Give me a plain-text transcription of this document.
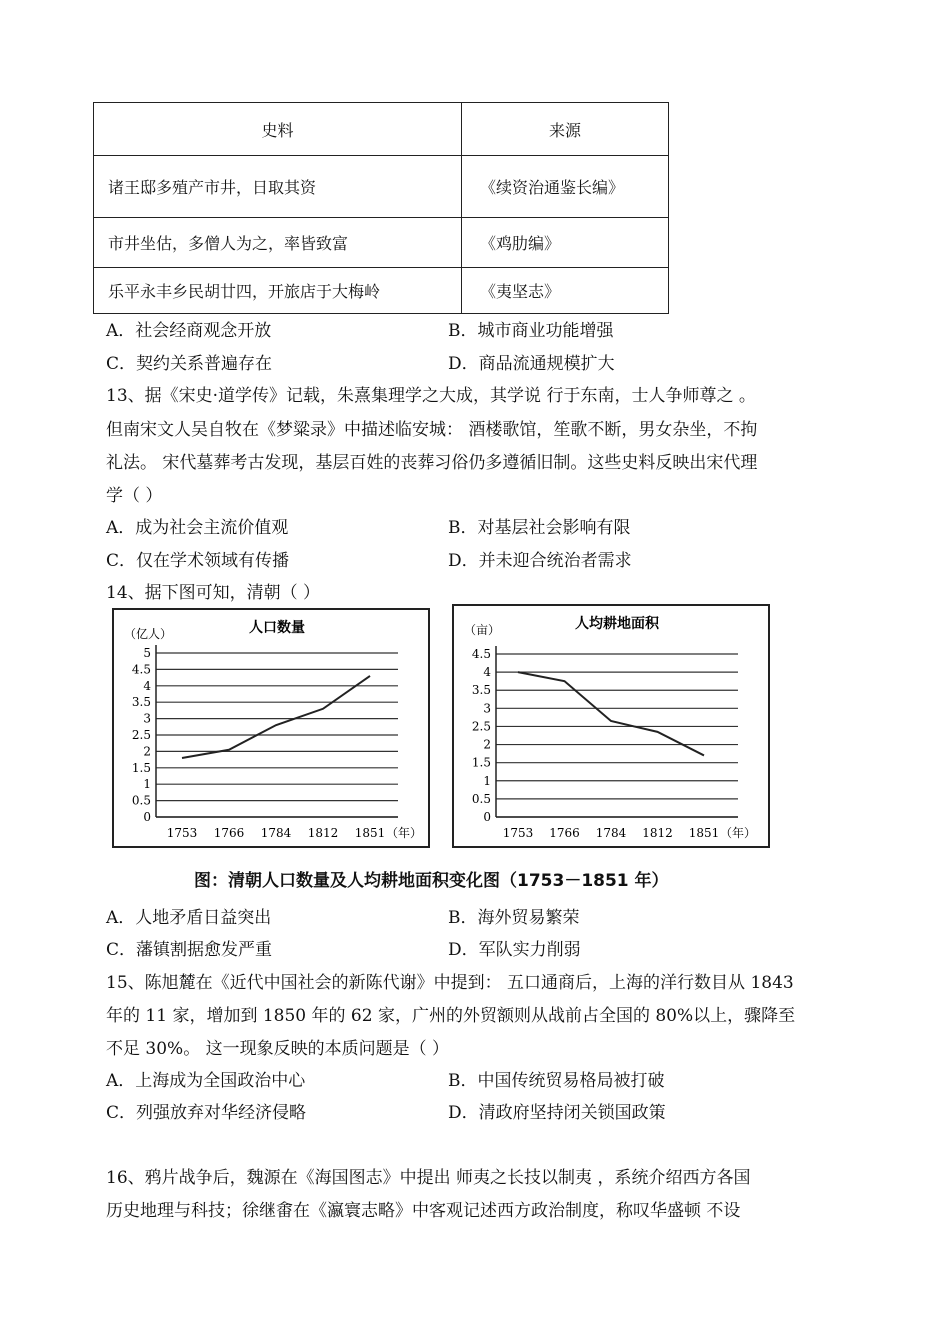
史料	来源
诸王邸多殖产市井，日取其资	《续资治通鉴长编》
市井坐估，多僧人为之，率皆致富	《鸡肋编》
乐平永丰乡民胡廿四，开旅店于大梅岭	《夷坚志》
A．社会经商观念开放	B．城市商业功能增强
C．契约关系普遍存在	D．商品流通规模扩大
13、据《宋史·道学传》记载，朱熹集理学之大成，其学说 行于东南，士人争师尊之 。
但南宋文人吴自牧在《梦粱录》中描述临安城： 酒楼歌馆，笙歌不断，男女杂坐，不拘
礼法。 宋代墓葬考古发现，基层百姓的丧葬习俗仍多遵循旧制。这些史料反映出宋代理
学（ ）
A．成为社会主流价值观	B．对基层社会影响有限
C．仅在学术领域有传播	D．并未迎合统治者需求
14、据下图可知，清朝（ ）
人口数量
（亿人）
0
0.5
1
1.5
2
2.5
3
3.5
4
4.5
5
1753 1766 1784 1812 1851 （年）
人均耕地面积
（亩）
0
0.5
1
1.5
2
2.5
3
3.5
4
4.5
1753 1766 1784 1812 1851 （年）
图：清朝人口数量及人均耕地面积变化图（1753－1851 年）
A．人地矛盾日益突出	B．海外贸易繁荣
C．藩镇割据愈发严重	D．军队实力削弱
15、陈旭麓在《近代中国社会的新陈代谢》中提到： 五口通商后，上海的洋行数目从 1843
年的 11 家，增加到 1850 年的 62 家，广州的外贸额则从战前占全国的 80%以上，骤降至
不足 30%。 这一现象反映的本质问题是（ ）
A．上海成为全国政治中心	B．中国传统贸易格局被打破
C．列强放弃对华经济侵略	D．清政府坚持闭关锁国政策
16、鸦片战争后，魏源在《海国图志》中提出 师夷之长技以制夷 ，系统介绍西方各国
历史地理与科技；徐继畬在《瀛寰志略》中客观记述西方政治制度，称叹华盛顿 不设
